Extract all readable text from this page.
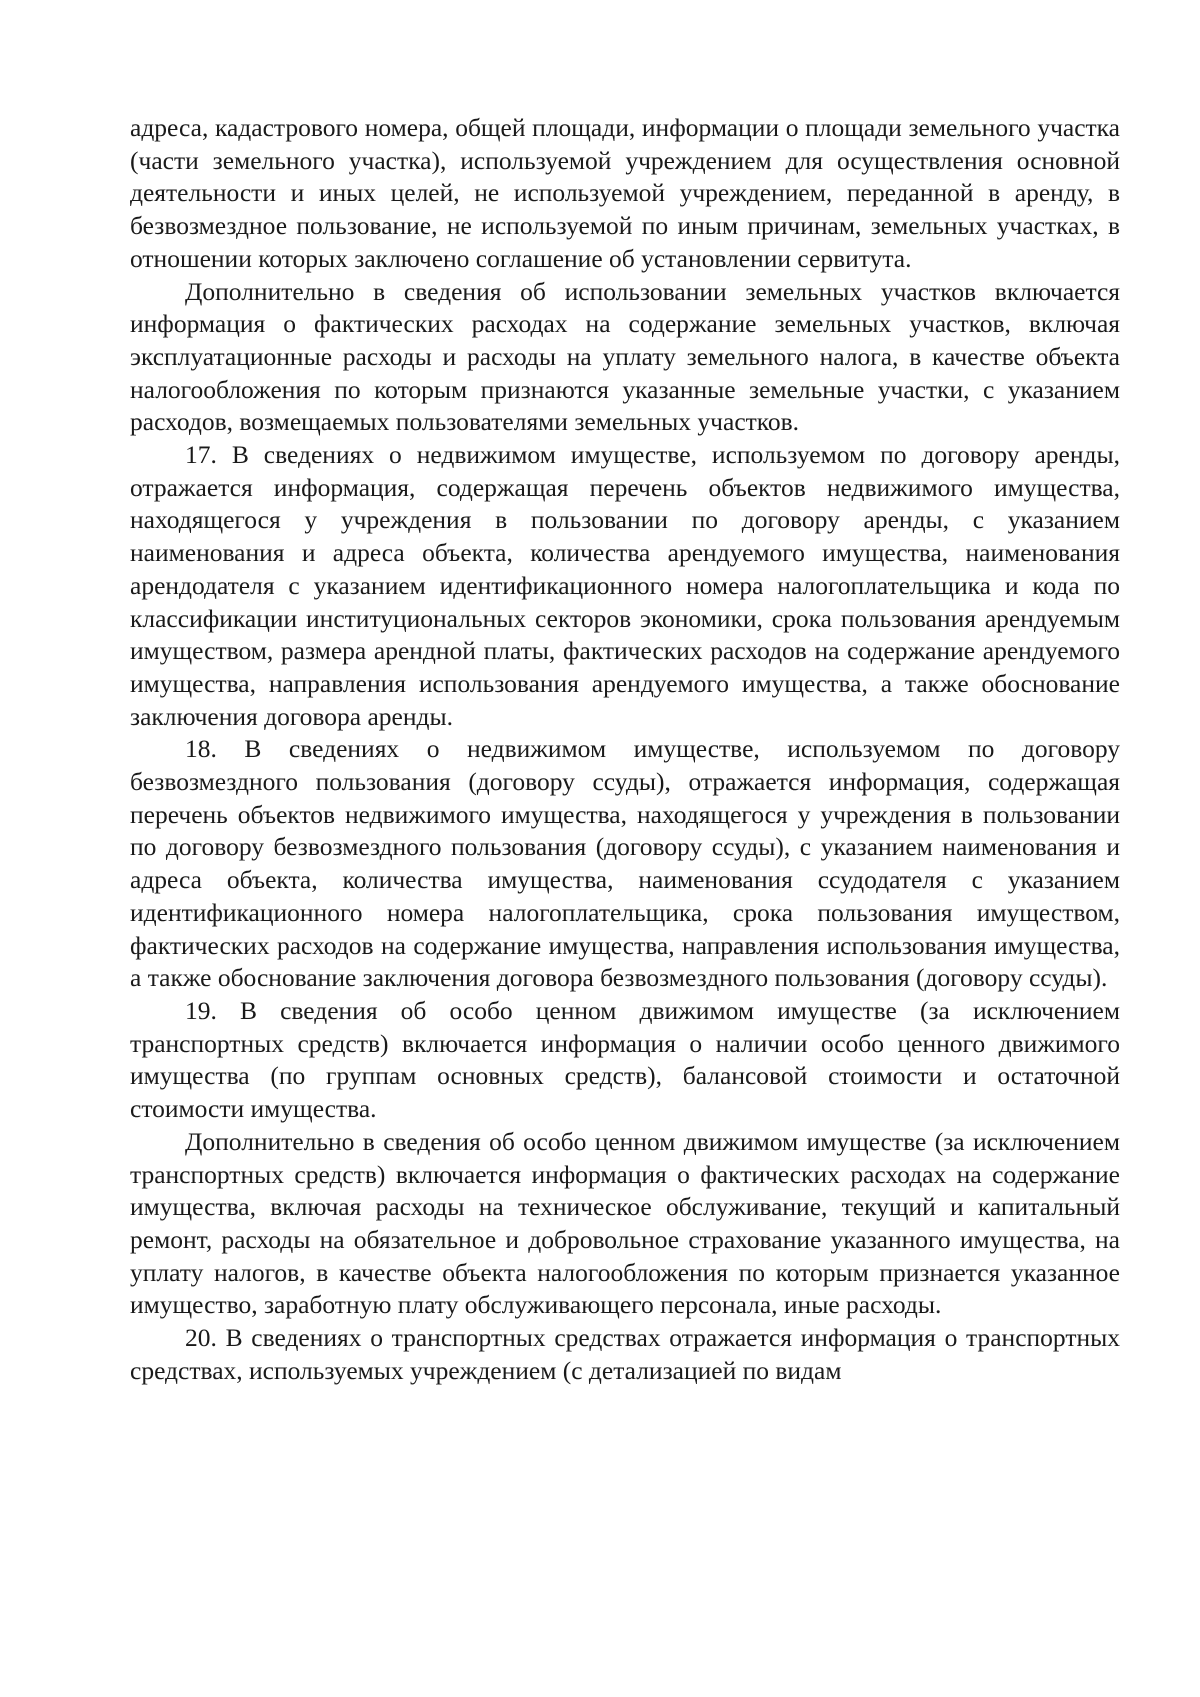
адреса, кадастрового номера, общей площади, информации о площади земельного участка (части земельного участка), используемой учреждением для осуществления основной деятельности и иных целей, не используемой учреждением, переданной в аренду, в безвозмездное пользование, не используемой по иным причинам, земельных участках, в отношении которых заключено соглашение об установлении сервитута.

Дополнительно в сведения об использовании земельных участков включается информация о фактических расходах на содержание земельных участков, включая эксплуатационные расходы и расходы на уплату земельного налога, в качестве объекта налогообложения по которым признаются указанные земельные участки, с указанием расходов, возмещаемых пользователями земельных участков.

17. В сведениях о недвижимом имуществе, используемом по договору аренды, отражается информация, содержащая перечень объектов недвижимого имущества, находящегося у учреждения в пользовании по договору аренды, с указанием наименования и адреса объекта, количества арендуемого имущества, наименования арендодателя с указанием идентификационного номера налогоплательщика и кода по классификации институциональных секторов экономики, срока пользования арендуемым имуществом, размера арендной платы, фактических расходов на содержание арендуемого имущества, направления использования арендуемого имущества, а также обоснование заключения договора аренды.

18. В сведениях о недвижимом имуществе, используемом по договору безвозмездного пользования (договору ссуды), отражается информация, содержащая перечень объектов недвижимого имущества, находящегося у учреждения в пользовании по договору безвозмездного пользования (договору ссуды), с указанием наименования и адреса объекта, количества имущества, наименования ссудодателя с указанием идентификационного номера налогоплательщика, срока пользования имуществом, фактических расходов на содержание имущества, направления использования имущества, а также обоснование заключения договора безвозмездного пользования (договору ссуды).

19. В сведения об особо ценном движимом имуществе (за исключением транспортных средств) включается информация о наличии особо ценного движимого имущества (по группам основных средств), балансовой стоимости и остаточной стоимости имущества.

Дополнительно в сведения об особо ценном движимом имуществе (за исключением транспортных средств) включается информация о фактических расходах на содержание имущества, включая расходы на техническое обслуживание, текущий и капитальный ремонт, расходы на обязательное и добровольное страхование указанного имущества, на уплату налогов, в качестве объекта налогообложения по которым признается указанное имущество, заработную плату обслуживающего персонала, иные расходы.

20. В сведениях о транспортных средствах отражается информация о транспортных средствах, используемых учреждением (с детализацией по видам
